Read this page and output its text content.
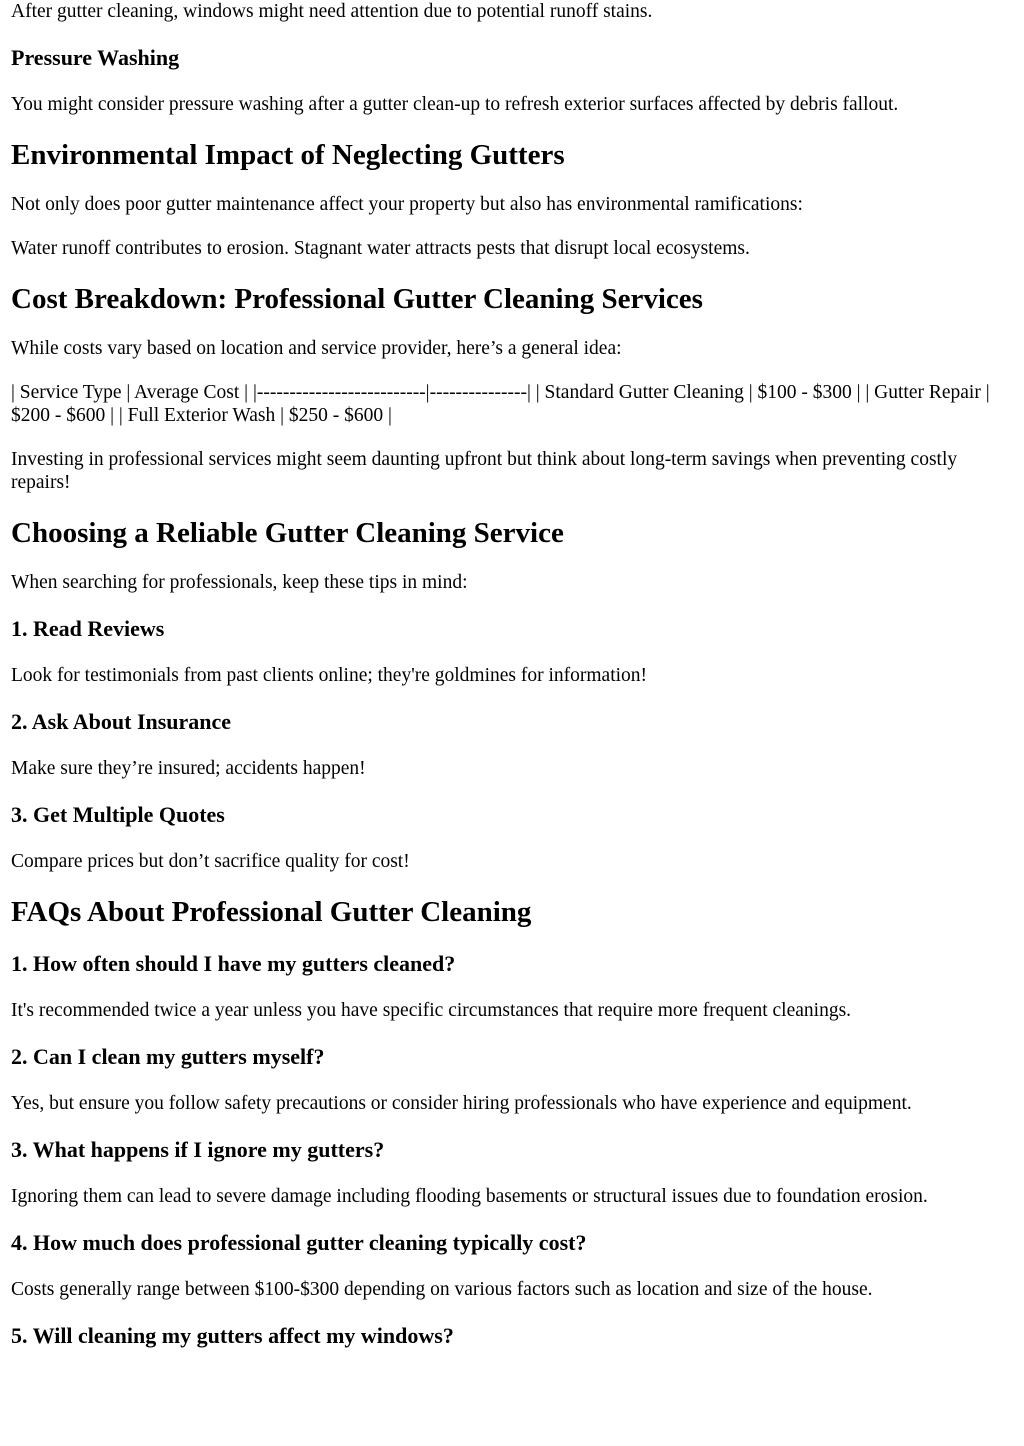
After gutter cleaning, windows might need attention due to potential runoff stains.

Pressure Washing

You might consider pressure washing after a gutter clean-up to refresh exterior surfaces affected by debris fallout.

Environmental Impact of Neglecting Gutters

Not only does poor gutter maintenance affect your property but also has environmental ramifications:

Water runoff contributes to erosion. Stagnant water attracts pests that disrupt local ecosystems.

Cost Breakdown: Professional Gutter Cleaning Services

While costs vary based on location and service provider, here’s a general idea:

| Service Type | Average Cost | |--------------------------|---------------| | Standard Gutter Cleaning | $100 - $300 | | Gutter Repair | $200 - $600 | | Full Exterior Wash | $250 - $600 |

Investing in professional services might seem daunting upfront but think about long-term savings when preventing costly repairs!

Choosing a Reliable Gutter Cleaning Service

When searching for professionals, keep these tips in mind:

1. Read Reviews

Look for testimonials from past clients online; they're goldmines for information!

2. Ask About Insurance

Make sure they’re insured; accidents happen!

3. Get Multiple Quotes

Compare prices but don’t sacrifice quality for cost!

FAQs About Professional Gutter Cleaning
1. How often should I have my gutters cleaned?

It's recommended twice a year unless you have specific circumstances that require more frequent cleanings.

2. Can I clean my gutters myself?

Yes, but ensure you follow safety precautions or consider hiring professionals who have experience and equipment.

3. What happens if I ignore my gutters?

Ignoring them can lead to severe damage including flooding basements or structural issues due to foundation erosion.

4. How much does professional gutter cleaning typically cost?

Costs generally range between $100-$300 depending on various factors such as location and size of the house.

5. Will cleaning my gutters affect my windows?
